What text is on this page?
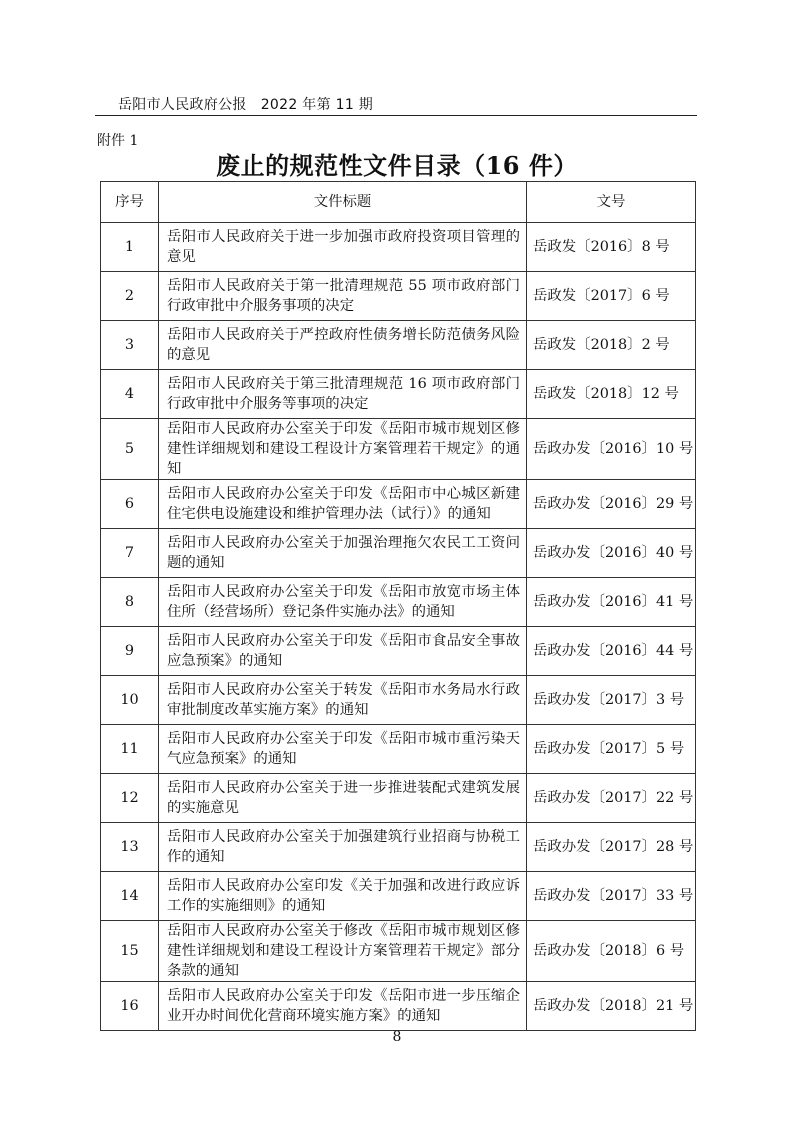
岳阳市人民政府公报 2022 年第 11 期
附件 1
废止的规范性文件目录（16 件）
序号	文件标题	文号
1	岳阳市人民政府关于进一步加强市政府投资项目管理的意见	岳政发〔2016〕8 号
2	岳阳市人民政府关于第一批清理规范 55 项市政府部门行政审批中介服务事项的决定	岳政发〔2017〕6 号
3	岳阳市人民政府关于严控政府性债务增长防范债务风险的意见	岳政发〔2018〕2 号
4	岳阳市人民政府关于第三批清理规范 16 项市政府部门行政审批中介服务等事项的决定	岳政发〔2018〕12 号
5	岳阳市人民政府办公室关于印发《岳阳市城市规划区修建性详细规划和建设工程设计方案管理若干规定》的通知	岳政办发〔2016〕10 号
6	岳阳市人民政府办公室关于印发《岳阳市中心城区新建住宅供电设施建设和维护管理办法（试行）》的通知	岳政办发〔2016〕29 号
7	岳阳市人民政府办公室关于加强治理拖欠农民工工资问题的通知	岳政办发〔2016〕40 号
8	岳阳市人民政府办公室关于印发《岳阳市放宽市场主体住所（经营场所）登记条件实施办法》的通知	岳政办发〔2016〕41 号
9	岳阳市人民政府办公室关于印发《岳阳市食品安全事故应急预案》的通知	岳政办发〔2016〕44 号
10	岳阳市人民政府办公室关于转发《岳阳市水务局水行政审批制度改革实施方案》的通知	岳政办发〔2017〕3 号
11	岳阳市人民政府办公室关于印发《岳阳市城市重污染天气应急预案》的通知	岳政办发〔2017〕5 号
12	岳阳市人民政府办公室关于进一步推进装配式建筑发展的实施意见	岳政办发〔2017〕22 号
13	岳阳市人民政府办公室关于加强建筑行业招商与协税工作的通知	岳政办发〔2017〕28 号
14	岳阳市人民政府办公室印发《关于加强和改进行政应诉工作的实施细则》的通知	岳政办发〔2017〕33 号
15	岳阳市人民政府办公室关于修改《岳阳市城市规划区修建性详细规划和建设工程设计方案管理若干规定》部分条款的通知	岳政办发〔2018〕6 号
16	岳阳市人民政府办公室关于印发《岳阳市进一步压缩企业开办时间优化营商环境实施方案》的通知	岳政办发〔2018〕21 号
8
